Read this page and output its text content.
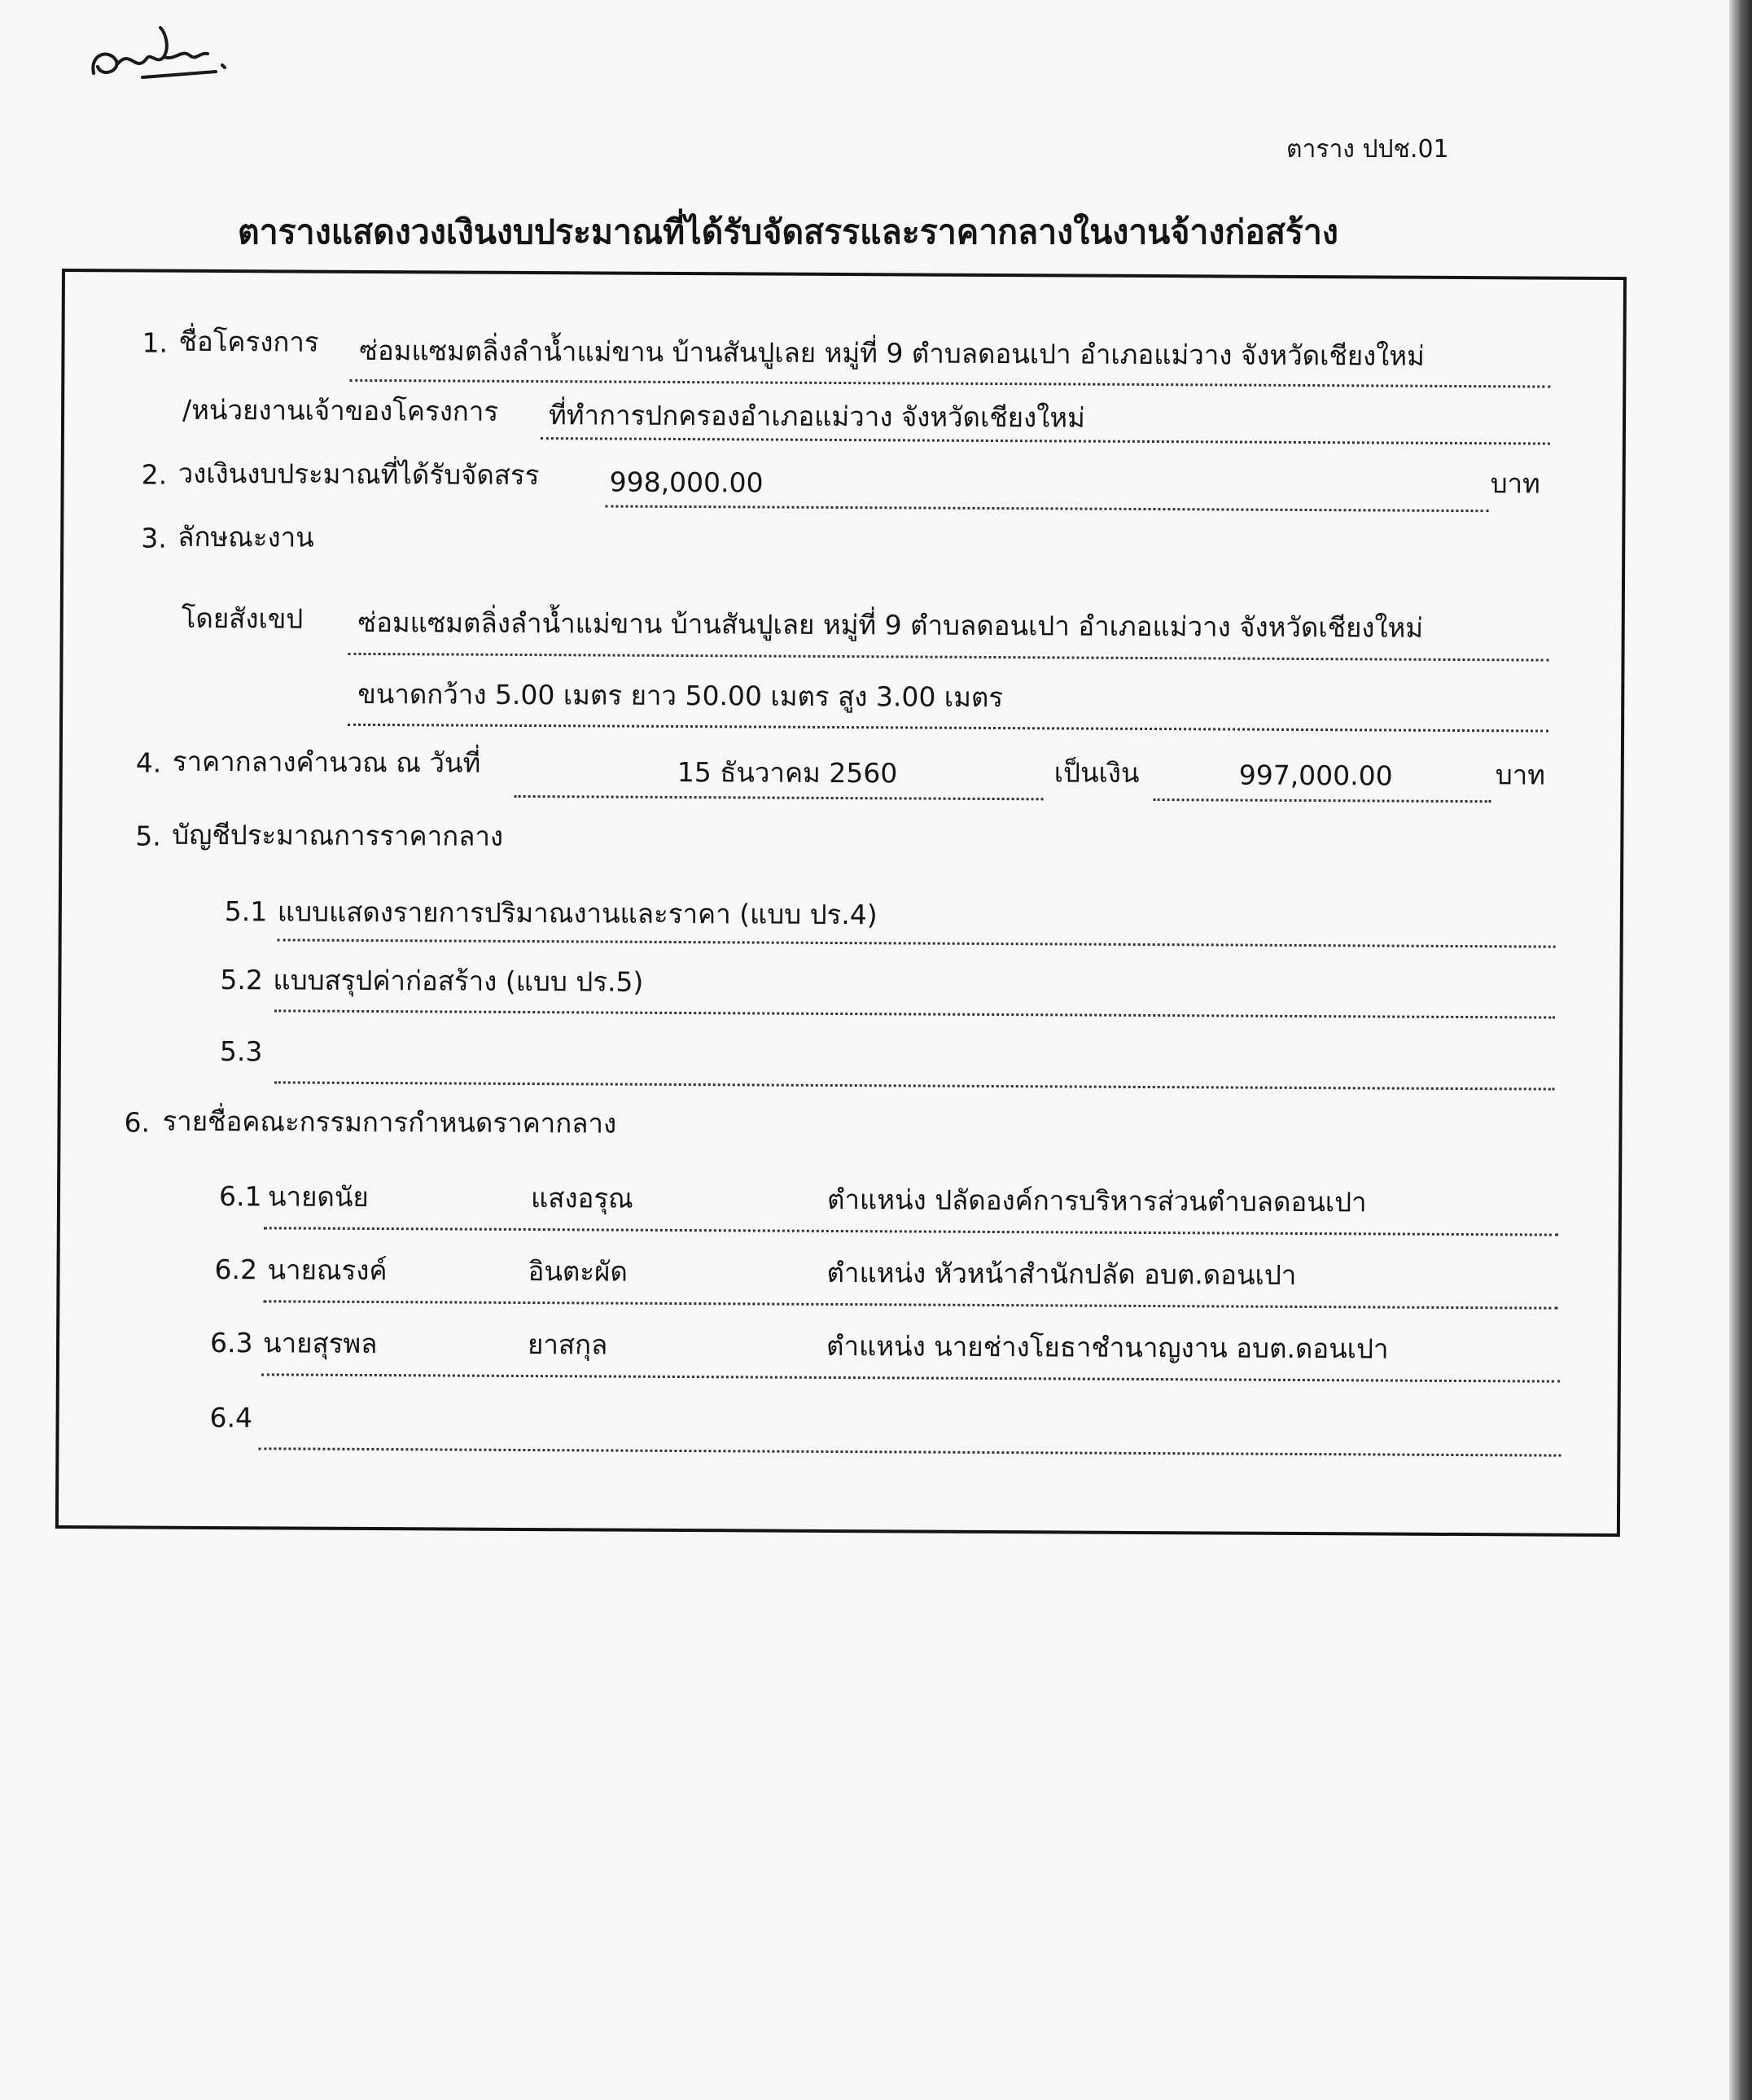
ตาราง ปปช.01
ตารางแสดงวงเงินงบประมาณที่ได้รับจัดสรรและราคากลางในงานจ้างก่อสร้าง
1. ชื่อโครงการ ซ่อมแซมตลิ่งลำน้ำแม่ขาน บ้านสันปูเลย หมู่ที่ 9 ตำบลดอนเปา อำเภอแม่วาง จังหวัดเชียงใหม่
/หน่วยงานเจ้าของโครงการ ที่ทำการปกครองอำเภอแม่วาง จังหวัดเชียงใหม่
2. วงเงินงบประมาณที่ได้รับจัดสรร	998,000.00	บาท
3. ลักษณะงาน
โดยสังเขป ซ่อมแซมตลิ่งลำน้ำแม่ขาน บ้านสันปูเลย หมู่ที่ 9 ตำบลดอนเปา อำเภอแม่วาง จังหวัดเชียงใหม่
ขนาดกว้าง 5.00 เมตร ยาว 50.00 เมตร สูง 3.00 เมตร
4. ราคากลางคำนวณ ณ วันที่	15 ธันวาคม 2560	เป็นเงิน	997,000.00	บาท
5. บัญชีประมาณการราคากลาง
5.1 แบบแสดงรายการปริมาณงานและราคา (แบบ ปร.4)
5.2 แบบสรุปค่าก่อสร้าง (แบบ ปร.5)
5.3
6. รายชื่อคณะกรรมการกำหนดราคากลาง
6.1 นายดนัย	แสงอรุณ	ตำแหน่ง ปลัดองค์การบริหารส่วนตำบลดอนเปา
6.2 นายณรงค์	อินตะผัด	ตำแหน่ง หัวหน้าสำนักปลัด อบต.ดอนเปา
6.3 นายสุรพล	ยาสกุล	ตำแหน่ง นายช่างโยธาชำนาญงาน อบต.ดอนเปา
6.4
